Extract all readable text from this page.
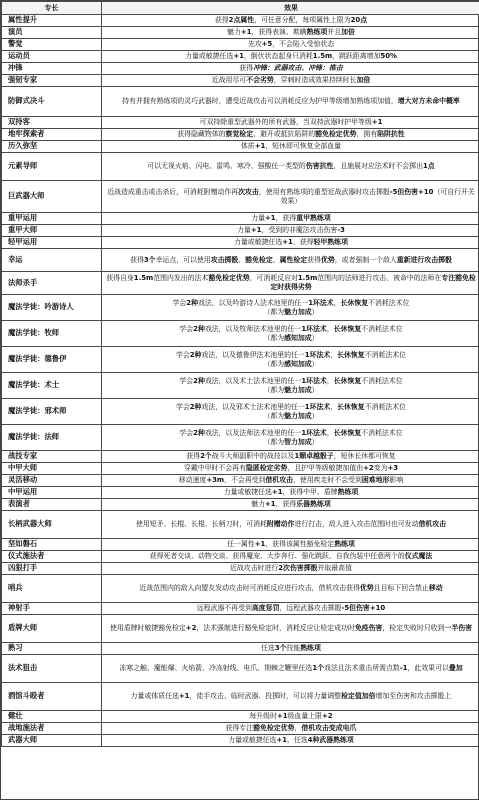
专长	效果
属性提升	获得2点属性，可任意分配，每项属性上限为20点
演员	魅力+1，获得表演、欺瞒熟练项并且加倍
警觉	先攻+5，不会陷入受惊状态
运动员	力量或敏捷任选+1，倒伏状态起身只消耗1.5m，跳跃距离增加50%
冲锋	获得冲锋：武器攻击、冲锋：推击
强韧专家	近战用尽可不会劣势，穿刺时造成效果持续时长加倍
防御式决斗	持有并拥有熟练项的灵巧武器时，遭受近战攻击可以消耗反应为护甲等级增加熟练项加值，增大对方未命中概率
双持客	可双持除重型武器外的所有武器，当双持武器时护甲等级+1
地牢探索者	获得隐藏物体的察觉检定、避开或抵抗陷阱的豁免检定优势，拥有陷阱抗性
历久弥坚	体质+1，短休即可恢复全部血量
元素导师	可以无视火焰、闪电、雷鸣、寒冷、强酸任一类型的伤害抗性，且施展对应法术时不会掷出1点
巨武器大师	近战造成重击或击杀后，可消耗附赠动作再次攻击，使用有熟练项的重型近战武器时攻击掷骰-5但伤害+10（可自行开关效果）
重甲运用	力量+1，获得重甲熟练项
重甲大师	力量+1，受到的非魔法攻击伤害-3
轻甲运用	力量或敏捷任选+1，获得轻甲熟练项
幸运	获得3个幸运点，可以使用攻击掷骰、豁免检定、属性检定获得优势，或者强制一个敌人重新进行攻击掷骰
法师杀手	获得自身1.5m范围内发出的法术豁免检定优势，可消耗反应对1.5m范围内的法师进行攻击，被命中的法师在专注豁免检定时获得劣势
魔法学徒：吟游诗人	学会2种戏法，以及吟游诗人法术池里的任一1环法术，长休恢复不消耗法术位
（都为魅力加成）
魔法学徒：牧师	学会2种戏法，以及牧师法术池里的任一1环法术，长休恢复不消耗法术位
（都为感知加成）
魔法学徒：德鲁伊	学会2种戏法，以及德鲁伊法术池里的任一1环法术，长休恢复不消耗法术位
（都为感知加成）
魔法学徒：术士	学会2种戏法，以及术士法术池里的任一1环法术，长休恢复不消耗法术位
（都为魅力加成）
魔法学徒：邪术师	学会2种戏法，以及邪术士法术池里的任一1环法术，长休恢复不消耗法术位
（都为魅力加成）
魔法学徒：法师	学会2种戏法，以及法师法术池里的任一1环法术，长休恢复不消耗法术位
（都为智力加成）
战技专家	获得2个战斗大师副职中的战技以及1颗卓越骰子，短休长休都可恢复
中甲大师	穿戴中甲时不会再有隐匿检定劣势，且护甲等级敏捷加值由+2变为+3
灵活移动	移动速度+3m，不会再受到借机攻击，使用疾走时不会受到困难地形影响
中甲运用	力量或敏捷任选+1，获得中甲、盾牌熟练项
表演者	魅力+1，获得乐器熟练项
长柄武器大师	使用短矛、长棍、长棍、长柄刀时，可消耗附赠动作进行打击，敌人进入攻击范围时也可发动借机攻击
坚如磐石	任一属性+1，获得该属性豁免检定熟练项
仪式施法者	获得死者交谈、动物交谈、获得魔宠、大步奔行、强化跳跃、自我伪装中任意两个的仪式魔法
凶狠打手	近战攻击时进行2次伤害掷骰并取最高值
哨兵	近战范围内的敌人向盟友发动攻击时可消耗反应进行攻击，借机攻击获得优势且目标下回合禁止移动
神射手	远程武器不再受到高度惩罚，远程武器攻击掷骰-5但伤害+10
盾牌大师	使用盾牌时敏捷豁免检定+2，法术强制进行豁免检定时，消耗反应让检定成功时免疫伤害，检定失败时只收到一半伤害
熟习	任选3个技能熟练项
法术狙击	冻寒之触、魔能爆、火焰箭、冷冻射线、电爪、荆棘之鞭里任选1个戏法且法术重击所需点数-1，此效果可以叠加
酒馆斗殴者	力量或体质任选+1，徒手攻击、临时武器、投掷时，可以将力量调整检定值加倍增加至伤害和攻击掷骰上
健壮	每升级时+1级血量上限+2
战地施法者	获得专注豁免检定优势，借机攻击变成电爪
武器大师	力量或敏捷任选+1，任选4种武器熟练项
